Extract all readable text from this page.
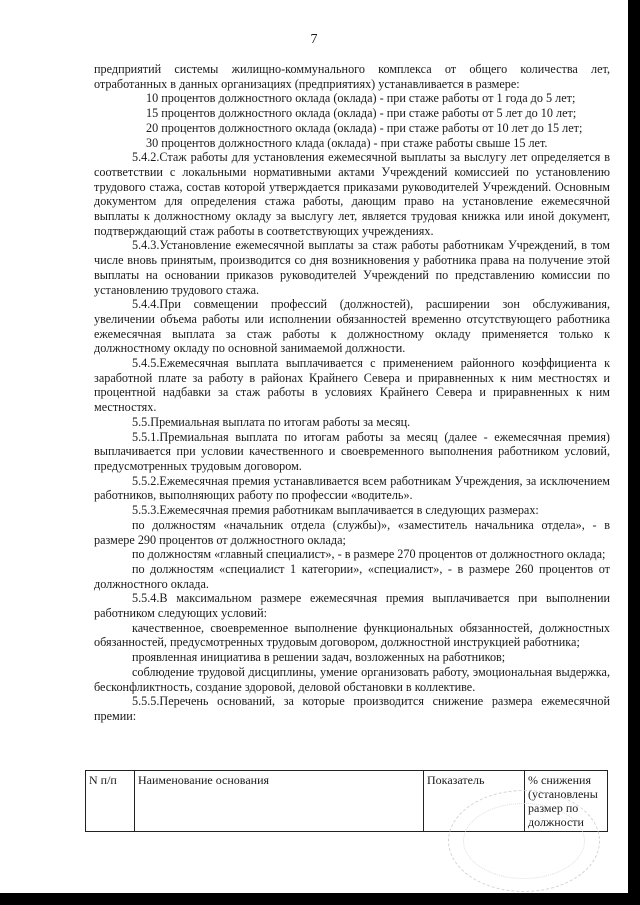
7

предприятий системы жилищно-коммунального комплекса от общего количества лет, отработанных в данных организациях (предприятиях) устанавливается в размере:

10 процентов должностного оклада (оклада) - при стаже работы от 1 года до 5 лет;

15 процентов должностного оклада (оклада) - при стаже работы от 5 лет до 10 лет;

20 процентов должностного оклада (оклада) - при стаже работы от 10 лет до 15 лет;

30 процентов должностного клада (оклада) - при стаже работы свыше 15 лет.

5.4.2.Стаж работы для установления ежемесячной выплаты за выслугу лет определяется в соответствии с локальными нормативными актами Учреждений комиссией по установлению трудового стажа, состав которой утверждается приказами руководителей Учреждений. Основным документом для определения стажа работы, дающим право на установление ежемесячной выплаты к должностному окладу за выслугу лет, является трудовая книжка или иной документ, подтверждающий стаж работы в соответствующих учреждениях.

5.4.3.Установление ежемесячной выплаты за стаж работы работникам Учреждений, в том числе вновь принятым, производится со дня возникновения у работника права на получение этой выплаты на основании приказов руководителей Учреждений по представлению комиссии по установлению трудового стажа.

5.4.4.При совмещении профессий (должностей), расширении зон обслуживания, увеличении объема работы или исполнении обязанностей временно отсутствующего работника ежемесячная выплата за стаж работы к должностному окладу применяется только к должностному окладу по основной занимаемой должности.

5.4.5.Ежемесячная выплата выплачивается с применением районного коэффициента к заработной плате за работу в районах Крайнего Севера и приравненных к ним местностях и процентной надбавки за стаж работы в условиях Крайнего Севера и приравненных к ним местностях.

5.5.Премиальная выплата по итогам работы за месяц.

5.5.1.Премиальная выплата по итогам работы за месяц (далее - ежемесячная премия) выплачивается при условии качественного и своевременного выполнения работником условий, предусмотренных трудовым договором.

5.5.2.Ежемесячная премия устанавливается всем работникам Учреждения, за исключением работников, выполняющих работу по профессии «водитель».

5.5.3.Ежемесячная премия работникам выплачивается в следующих размерах:

по должностям «начальник отдела (службы)», «заместитель начальника отдела», - в размере 290 процентов от должностного оклада;

по должностям «главный специалист», - в размере 270 процентов от должностного оклада;

по должностям «специалист 1 категории», «специалист», - в размере 260 процентов от должностного оклада.

5.5.4.В максимальном размере ежемесячная премия выплачивается при выполнении работником следующих условий:

качественное, своевременное выполнение функциональных обязанностей, должностных обязанностей, предусмотренных трудовым договором, должностной инструкцией работника;

проявленная инициатива в решении задач, возложенных на работников;

соблюдение трудовой дисциплины, умение организовать работу, эмоциональная выдержка, бесконфликтность, создание здоровой, деловой обстановки в коллективе.

5.5.5.Перечень оснований, за которые производится снижение размера ежемесячной премии:

N п/п	Наименование основания	Показатель	% снижения (установлены размер по должности
